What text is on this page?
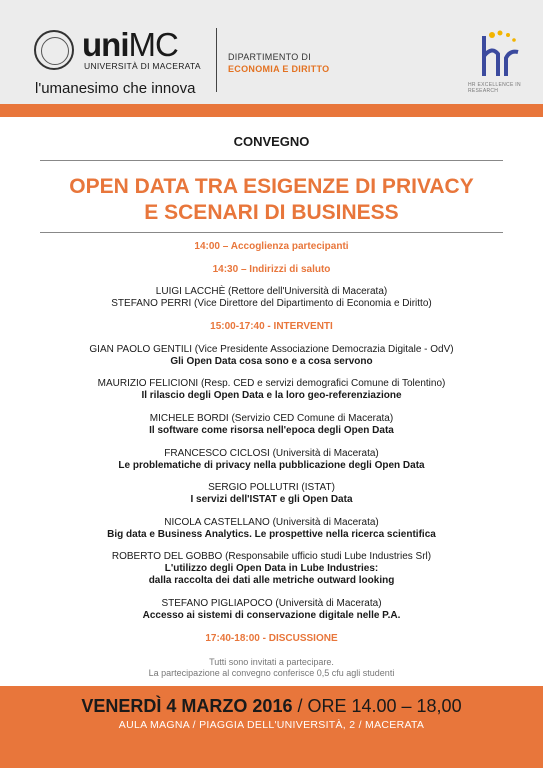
uniMC
UNIVERSITÀ DI MACERATA
l'umanesimo che innova
DIPARTIMENTO DI
ECONOMIA E DIRITTO
HR EXCELLENCE IN RESEARCH
CONVEGNO
OPEN DATA TRA ESIGENZE DI PRIVACY
E SCENARI DI BUSINESS
14:00 – Accoglienza partecipanti
14:30 – Indirizzi di saluto
LUIGI LACCHÈ (Rettore dell'Università di Macerata)
STEFANO PERRI (Vice Direttore del Dipartimento di Economia e Diritto)
15:00-17:40 - INTERVENTI
GIAN PAOLO GENTILI (Vice Presidente Associazione Democrazia Digitale - OdV)
Gli Open Data cosa sono e a cosa servono
MAURIZIO FELICIONI (Resp. CED e servizi demografici Comune di Tolentino)
Il rilascio degli Open Data e la loro geo-referenziazione
MICHELE BORDI (Servizio CED Comune di Macerata)
Il software come risorsa nell'epoca degli Open Data
FRANCESCO CICLOSI (Università di Macerata)
Le problematiche di privacy nella pubblicazione degli Open Data
SERGIO POLLUTRI (ISTAT)
I servizi dell'ISTAT e gli Open Data
NICOLA CASTELLANO (Università di Macerata)
Big data e Business Analytics. Le prospettive nella ricerca scientifica
ROBERTO DEL GOBBO (Responsabile ufficio studi Lube Industries Srl)
L'utilizzo degli Open Data in Lube Industries:
dalla raccolta dei dati alle metriche outward looking
STEFANO PIGLIAPOCO (Università di Macerata)
Accesso ai sistemi di conservazione digitale nelle P.A.
17:40-18:00 - DISCUSSIONE
Tutti sono invitati a partecipare.
La partecipazione al convegno conferisce 0,5 cfu agli studenti
VENERDÌ 4 MARZO 2016 / ORE 14.00 – 18,00
AULA MAGNA / PIAGGIA DELL'UNIVERSITÀ, 2 / MACERATA
